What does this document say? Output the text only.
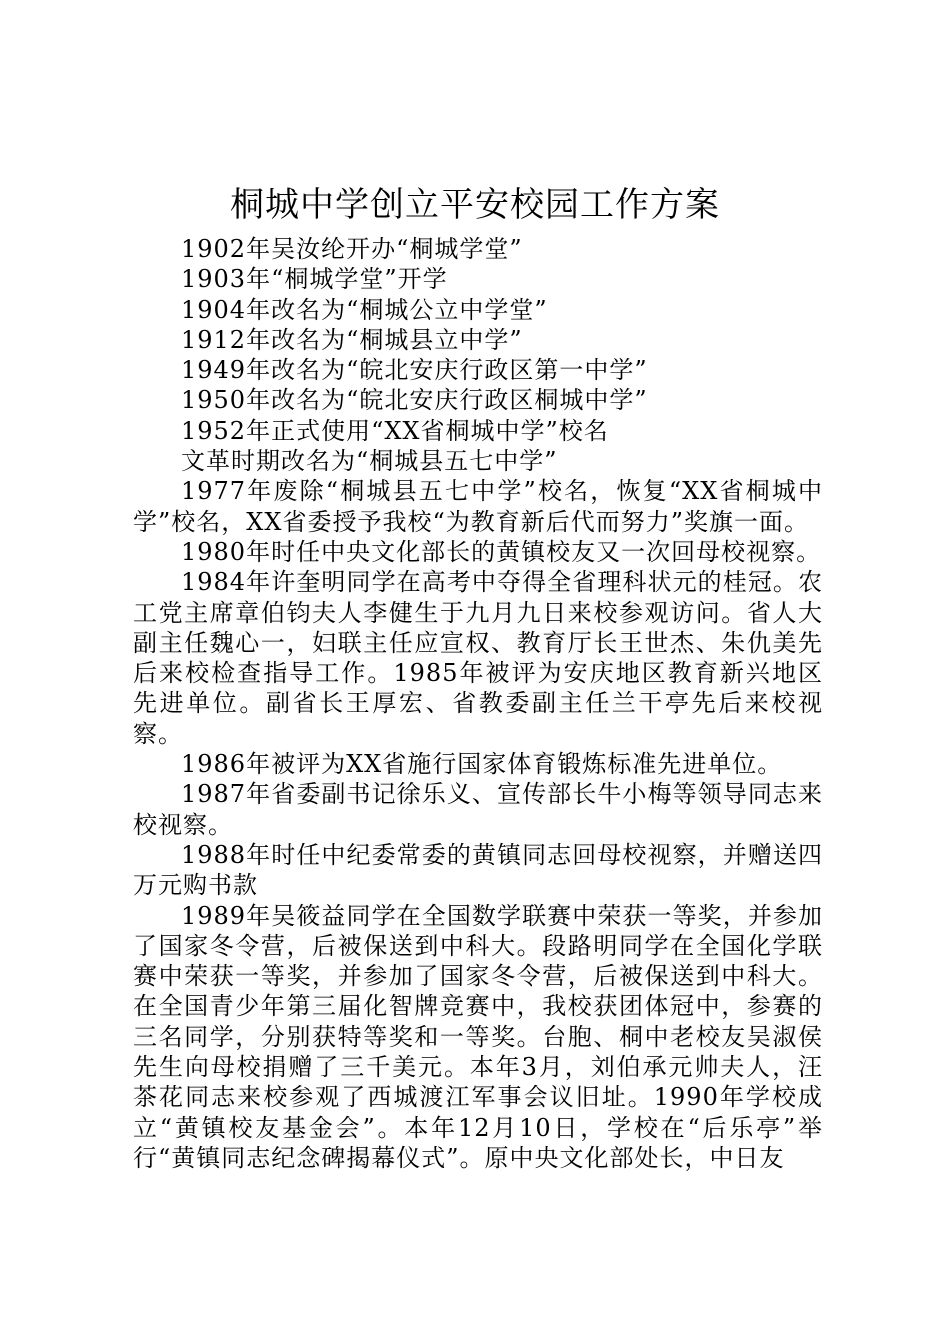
桐城中学创立平安校园工作方案

1902年吴汝纶开办“桐城学堂”

1903年“桐城学堂”开学

1904年改名为“桐城公立中学堂”

1912年改名为“桐城县立中学”

1949年改名为“皖北安庆行政区第一中学”

1950年改名为“皖北安庆行政区桐城中学”

1952年正式使用“XX省桐城中学”校名

文革时期改名为“桐城县五七中学”

1977年废除“桐城县五七中学”校名，恢复“XX省桐城中学”校名，XX省委授予我校“为教育新后代而努力”奖旗一面。

1980年时任中央文化部长的黄镇校友又一次回母校视察。

1984年许奎明同学在高考中夺得全省理科状元的桂冠。农工党主席章伯钧夫人李健生于九月九日来校参观访问。省人大副主任魏心一，妇联主任应宣权、教育厅长王世杰、朱仇美先后来校检查指导工作。1985年被评为安庆地区教育新兴地区先进单位。副省长王厚宏、省教委副主任兰干亭先后来校视察。

1986年被评为XX省施行国家体育锻炼标准先进单位。

1987年省委副书记徐乐义、宣传部长牛小梅等领导同志来校视察。

1988年时任中纪委常委的黄镇同志回母校视察，并赠送四万元购书款

1989年吴筱益同学在全国数学联赛中荣获一等奖，并参加了国家冬令营，后被保送到中科大。段路明同学在全国化学联赛中荣获一等奖，并参加了国家冬令营，后被保送到中科大。在全国青少年第三届化智牌竞赛中，我校获团体冠中，参赛的三名同学，分别获特等奖和一等奖。台胞、桐中老校友吴淑侯先生向母校捐赠了三千美元。本年3月，刘伯承元帅夫人，汪茶花同志来校参观了西城渡江军事会议旧址。1990年学校成立“黄镇校友基金会”。本年12月10日，学校在“后乐亭”举行“黄镇同志纪念碑揭幕仪式”。原中央文化部处长，中日友
